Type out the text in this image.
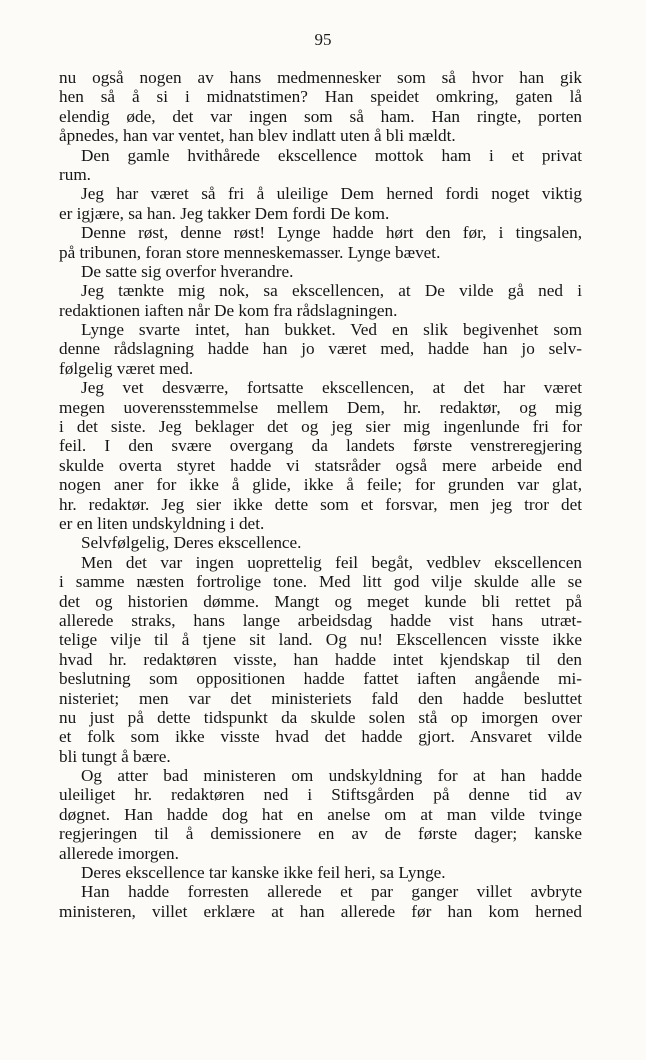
95
nu også nogen av hans medmennesker som så hvor han gik
hen så å si i midnatstimen? Han speidet omkring, gaten lå
elendig øde, det var ingen som så ham. Han ringte, porten
åpnedes, han var ventet, han blev indlatt uten å bli mældt.
Den gamle hvithårede ekscellence mottok ham i et privat
rum.
Jeg har været så fri å uleilige Dem herned fordi noget viktig
er igjære, sa han. Jeg takker Dem fordi De kom.
Denne røst, denne røst! Lynge hadde hørt den før, i tingsalen,
på tribunen, foran store menneskemasser. Lynge bævet.
De satte sig overfor hverandre.
Jeg tænkte mig nok, sa ekscellencen, at De vilde gå ned i
redaktionen iaften når De kom fra rådslagningen.
Lynge svarte intet, han bukket. Ved en slik begivenhet som
denne rådslagning hadde han jo været med, hadde han jo selv-
følgelig været med.
Jeg vet desværre, fortsatte ekscellencen, at det har været
megen uoverensstemmelse mellem Dem, hr. redaktør, og mig
i det siste. Jeg beklager det og jeg sier mig ingenlunde fri for
feil. I den svære overgang da landets første venstreregjering
skulde overta styret hadde vi statsråder også mere arbeide end
nogen aner for ikke å glide, ikke å feile; for grunden var glat,
hr. redaktør. Jeg sier ikke dette som et forsvar, men jeg tror det
er en liten undskyldning i det.
Selvfølgelig, Deres ekscellence.
Men det var ingen uoprettelig feil begåt, vedblev ekscellencen
i samme næsten fortrolige tone. Med litt god vilje skulde alle se
det og historien dømme. Mangt og meget kunde bli rettet på
allerede straks, hans lange arbeidsdag hadde vist hans utræt-
telige vilje til å tjene sit land. Og nu! Ekscellencen visste ikke
hvad hr. redaktøren visste, han hadde intet kjendskap til den
beslutning som oppositionen hadde fattet iaften angående mi-
nisteriet; men var det ministeriets fald den hadde besluttet
nu just på dette tidspunkt da skulde solen stå op imorgen over
et folk som ikke visste hvad det hadde gjort. Ansvaret vilde
bli tungt å bære.
Og atter bad ministeren om undskyldning for at han hadde
uleiliget hr. redaktøren ned i Stiftsgården på denne tid av
døgnet. Han hadde dog hat en anelse om at man vilde tvinge
regjeringen til å demissionere en av de første dager; kanske
allerede imorgen.
Deres ekscellence tar kanske ikke feil heri, sa Lynge.
Han hadde forresten allerede et par ganger villet avbryte
ministeren, villet erklære at han allerede før han kom herned
